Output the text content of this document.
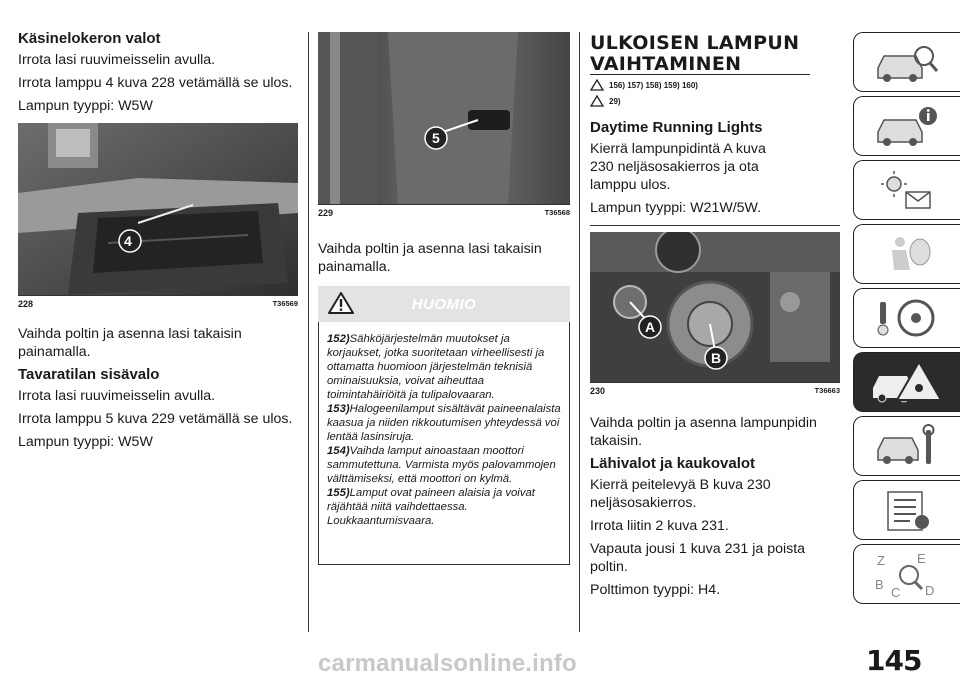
Käsinelokeron valot
Irrota lasi ruuvimeisselin avulla.
Irrota lamppu 4 kuva 228 vetämällä se ulos.
Lampun tyyppi: W5W
4
228	T36569
Vaihda poltin ja asenna lasi takaisin painamalla.
Tavaratilan sisävalo
Irrota lasi ruuvimeisselin avulla.
Irrota lamppu 5 kuva 229 vetämällä se ulos.
Lampun tyyppi: W5W
5
229	T36568
Vaihda poltin ja asenna lasi takaisin painamalla.
HUOMIO

152)Sähköjärjestelmän muutokset ja korjaukset, jotka suoritetaan virheellisesti ja ottamatta huomioon järjestelmän teknisiä ominaisuuksia, voivat aiheuttaa toimintahäiriöitä ja tulipalovaaran.

153)Halogeenilamput sisältävät paineenalaista kaasua ja niiden rikkoutumisen yhteydessä voi lentää lasinsiruja.

154)Vaihda lamput ainoastaan moottori sammutettuna. Varmista myös palovammojen välttämiseksi, että moottori on kylmä.

155)Lamput ovat paineen alaisia ja voivat räjähtää niitä vaihdettaessa. Loukkaantumisvaara.

ULKOISEN LAMPUN
VAIHTAMINEN
156) 157) 158) 159) 160)
29)
Daytime Running Lights
Kierrä lampunpidintä A kuva 230 neljäsosakierros ja ota lamppu ulos.
Lampun tyyppi: W21W/5W.
A
B
230	T36663
Vaihda poltin ja asenna lampunpidin takaisin.
Lähivalot ja kaukovalot
Kierrä peitelevyä B kuva 230 neljäsosakierros.
Irrota liitin 2 kuva 231.
Vapauta jousi 1 kuva 231 ja poista poltin.
Polttimon tyyppi: H4.
Z E
B
C D
145
carmanualsonline.info
